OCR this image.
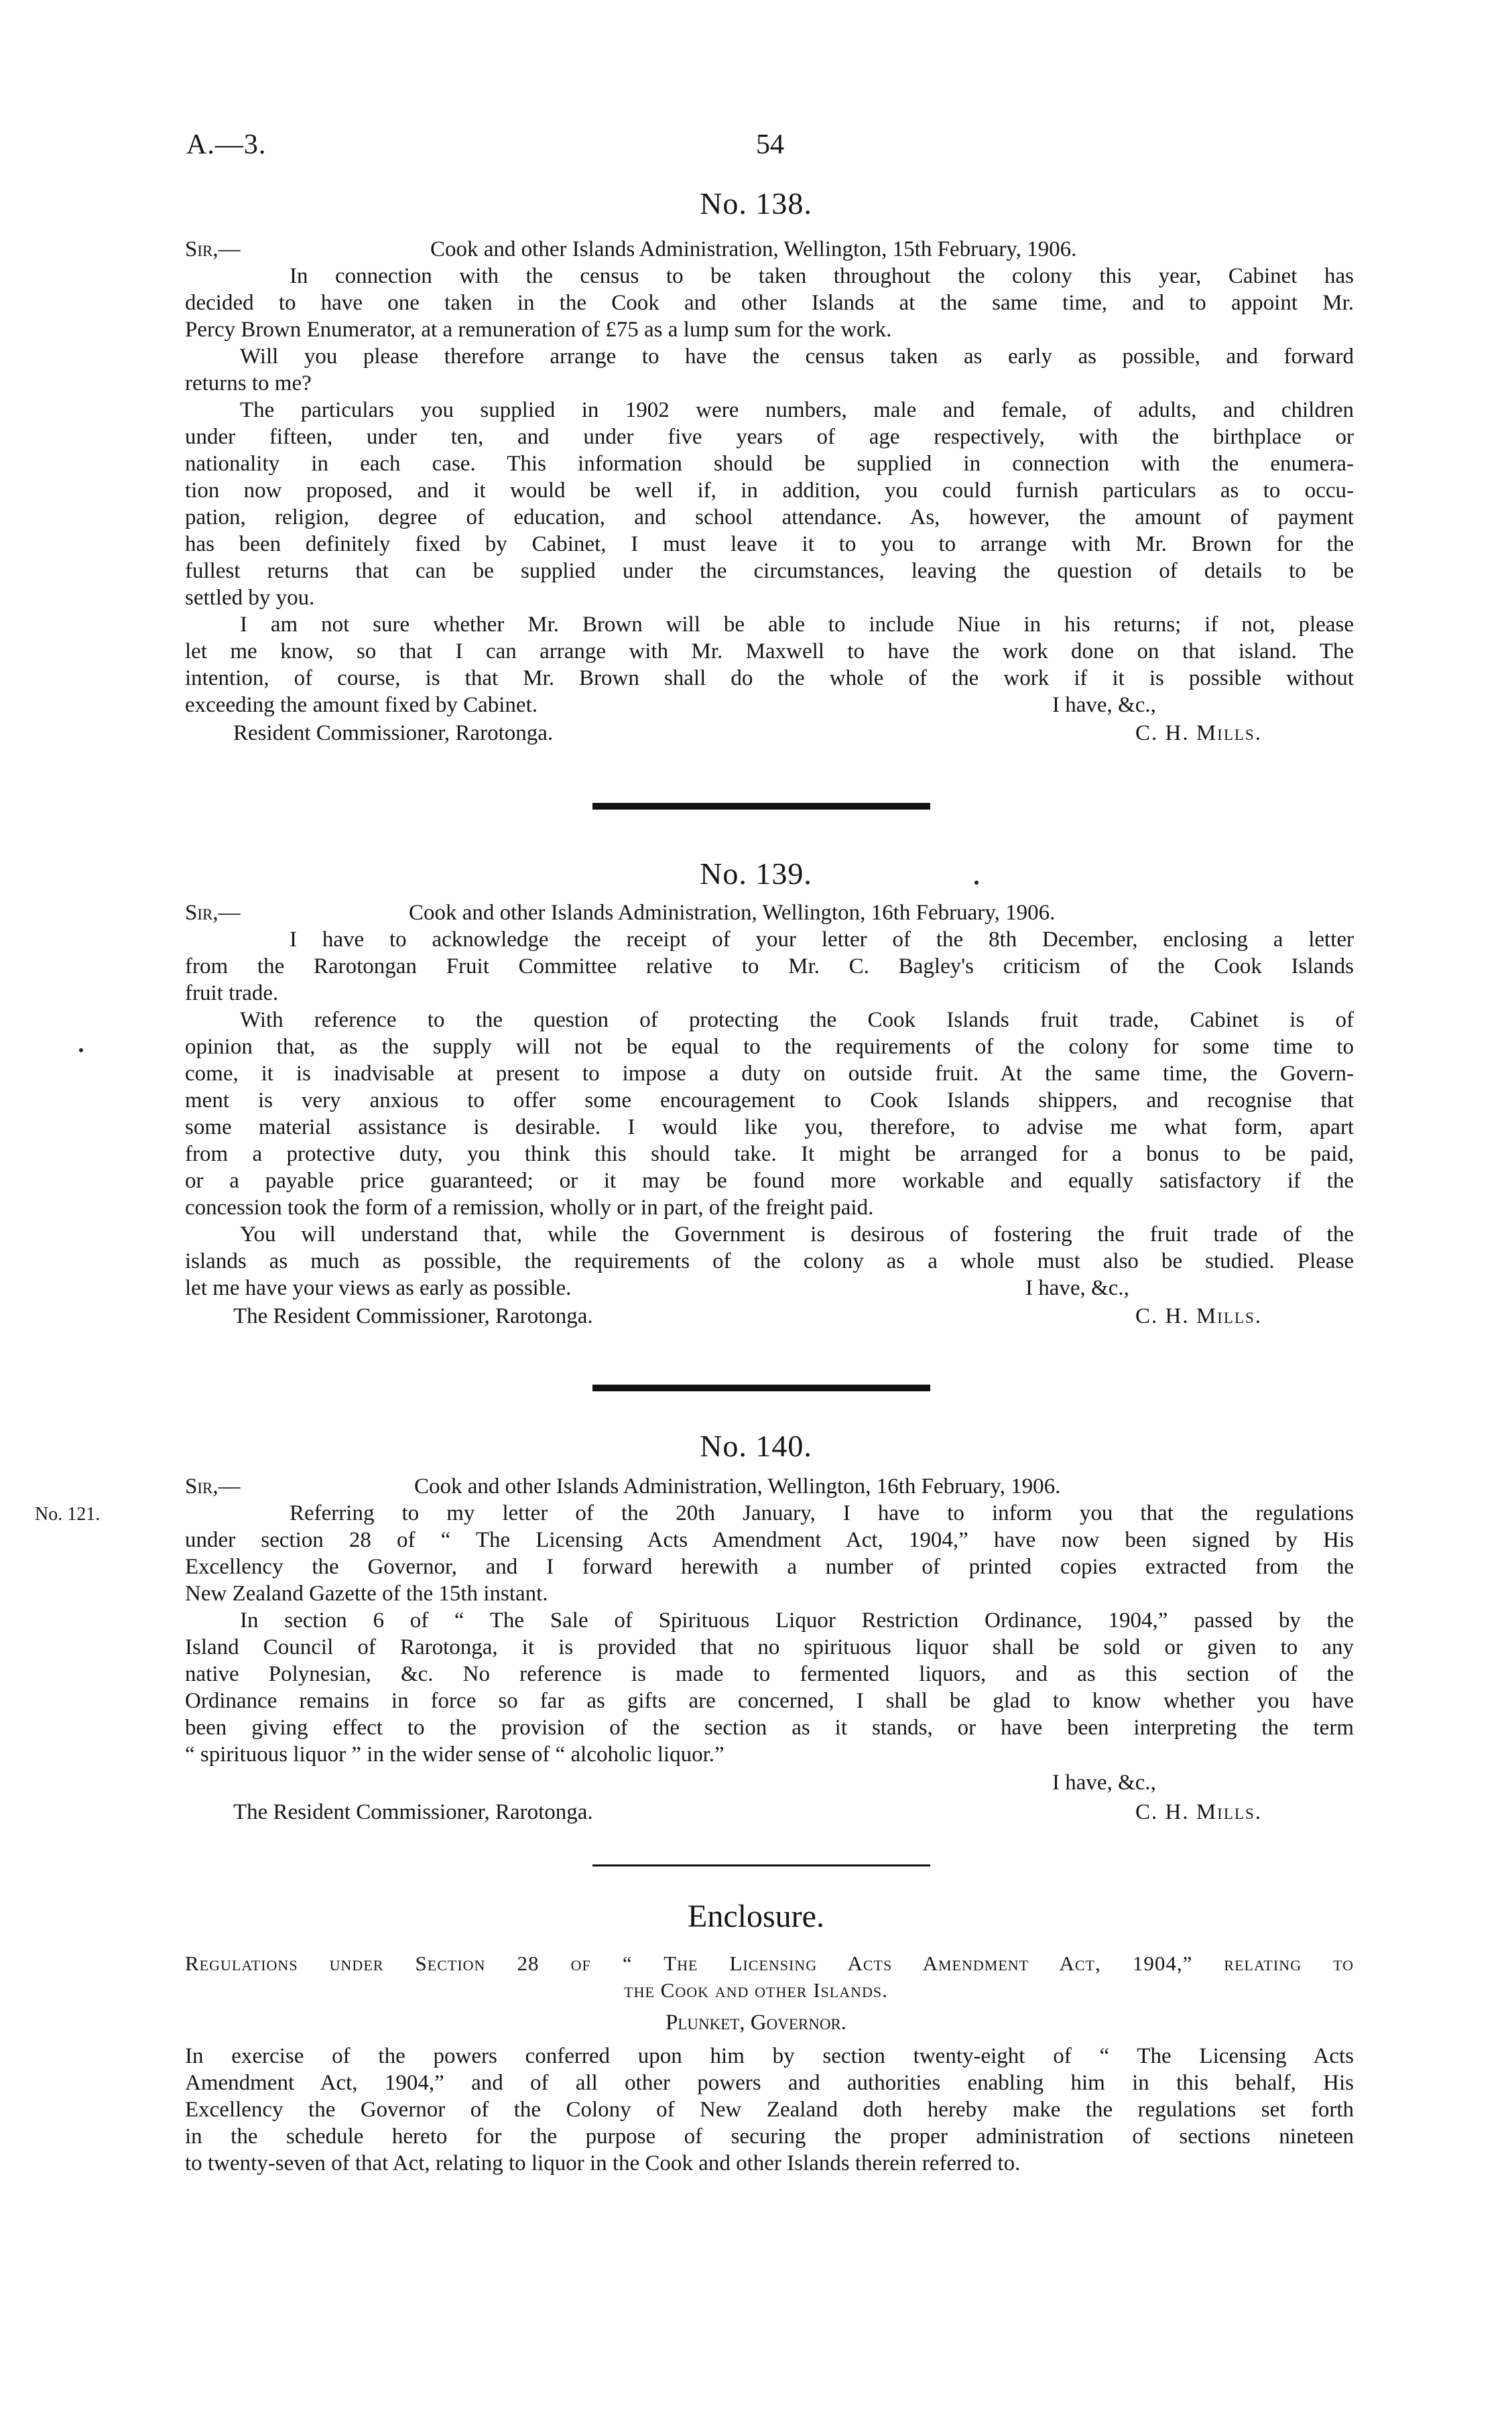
A.—3.	54
No. 138.
Sir,—	Cook and other Islands Administration, Wellington, 15th February, 1906.
In connection with the census to be taken throughout the colony this year, Cabinet has
decided to have one taken in the Cook and other Islands at the same time, and to appoint Mr.
Percy Brown Enumerator, at a remuneration of £75 as a lump sum for the work.
Will you please therefore arrange to have the census taken as early as possible, and forward
returns to me?
The particulars you supplied in 1902 were numbers, male and female, of adults, and children
under fifteen, under ten, and under five years of age respectively, with the birthplace or
nationality in each case. This information should be supplied in connection with the enumera-
tion now proposed, and it would be well if, in addition, you could furnish particulars as to occu-
pation, religion, degree of education, and school attendance. As, however, the amount of payment
has been definitely fixed by Cabinet, I must leave it to you to arrange with Mr. Brown for the
fullest returns that can be supplied under the circumstances, leaving the question of details to be
settled by you.
I am not sure whether Mr. Brown will be able to include Niue in his returns; if not, please
let me know, so that I can arrange with Mr. Maxwell to have the work done on that island. The
intention, of course, is that Mr. Brown shall do the whole of the work if it is possible without
exceeding the amount fixed by Cabinet.	I have, &c.,
Resident Commissioner, Rarotonga.	C. H. Mills.
No. 139.
Sir,—	Cook and other Islands Administration, Wellington, 16th February, 1906.
I have to acknowledge the receipt of your letter of the 8th December, enclosing a letter
from the Rarotongan Fruit Committee relative to Mr. C. Bagley's criticism of the Cook Islands
fruit trade.
With reference to the question of protecting the Cook Islands fruit trade, Cabinet is of
opinion that, as the supply will not be equal to the requirements of the colony for some time to
come, it is inadvisable at present to impose a duty on outside fruit. At the same time, the Govern-
ment is very anxious to offer some encouragement to Cook Islands shippers, and recognise that
some material assistance is desirable. I would like you, therefore, to advise me what form, apart
from a protective duty, you think this should take. It might be arranged for a bonus to be paid,
or a payable price guaranteed; or it may be found more workable and equally satisfactory if the
concession took the form of a remission, wholly or in part, of the freight paid.
You will understand that, while the Government is desirous of fostering the fruit trade of the
islands as much as possible, the requirements of the colony as a whole must also be studied. Please
let me have your views as early as possible.	I have, &c.,
The Resident Commissioner, Rarotonga.	C. H. Mills.
No. 140.
Sir,—	Cook and other Islands Administration, Wellington, 16th February, 1906.
No. 121.	Referring to my letter of the 20th January, I have to inform you that the regulations
under section 28 of “ The Licensing Acts Amendment Act, 1904,” have now been signed by His
Excellency the Governor, and I forward herewith a number of printed copies extracted from the
New Zealand Gazette of the 15th instant.
In section 6 of “ The Sale of Spirituous Liquor Restriction Ordinance, 1904,” passed by the
Island Council of Rarotonga, it is provided that no spirituous liquor shall be sold or given to any
native Polynesian, &c. No reference is made to fermented liquors, and as this section of the
Ordinance remains in force so far as gifts are concerned, I shall be glad to know whether you have
been giving effect to the provision of the section as it stands, or have been interpreting the term
“ spirituous liquor ” in the wider sense of “ alcoholic liquor.”
I have, &c.,
The Resident Commissioner, Rarotonga.	C. H. Mills.
Enclosure.
Regulations under Section 28 of “ The Licensing Acts Amendment Act, 1904,” relating to
the Cook and other Islands.
Plunket, Governor.
In exercise of the powers conferred upon him by section twenty-eight of “ The Licensing Acts
Amendment Act, 1904,” and of all other powers and authorities enabling him in this behalf, His
Excellency the Governor of the Colony of New Zealand doth hereby make the regulations set forth
in the schedule hereto for the purpose of securing the proper administration of sections nineteen
to twenty-seven of that Act, relating to liquor in the Cook and other Islands therein referred to.
